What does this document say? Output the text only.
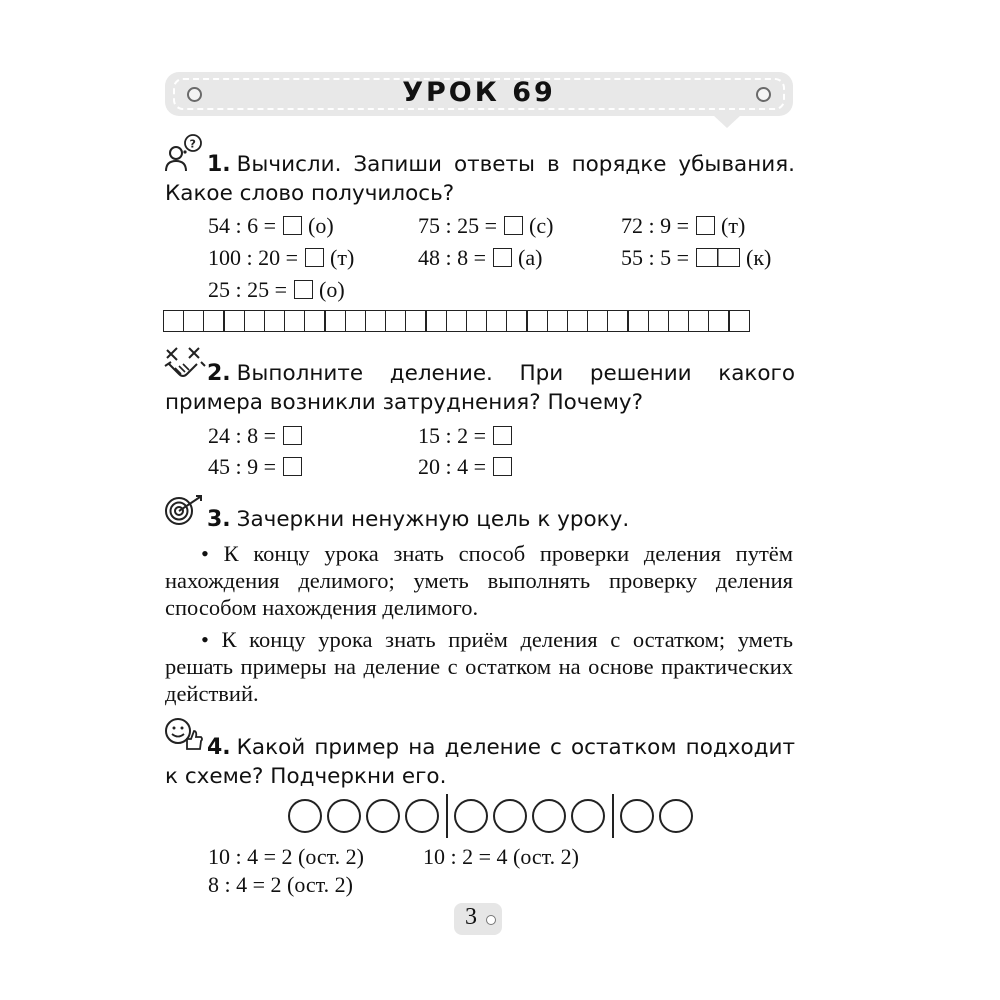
УРОК 69
?
1. Вычисли. Запиши ответы в порядке убывания. Какое слово получилось?
54 : 6 = (о)	75 : 25 = (с)	72 : 9 = (т)
100 : 20 = (т)	48 : 8 = (а)	55 : 5 =	(к)
25 : 25 = (о)
2. Выполните деление. При решении какого примера возникли затруднения? Почему?
24 : 8 =	15 : 2 =
45 : 9 =	20 : 4 =
3. Зачеркни ненужную цель к уроку.
• К концу урока знать способ проверки деления путём нахождения делимого; уметь выполнять проверку деления способом нахождения делимого.
• К концу урока знать приём деления с остатком; уметь решать примеры на деление с остатком на основе практических действий.
4. Какой пример на деление с остатком подходит к схеме? Подчеркни его.
10 : 4 = 2 (ост. 2)	10 : 2 = 4 (ост. 2)
8 : 4 = 2 (ост. 2)
3
